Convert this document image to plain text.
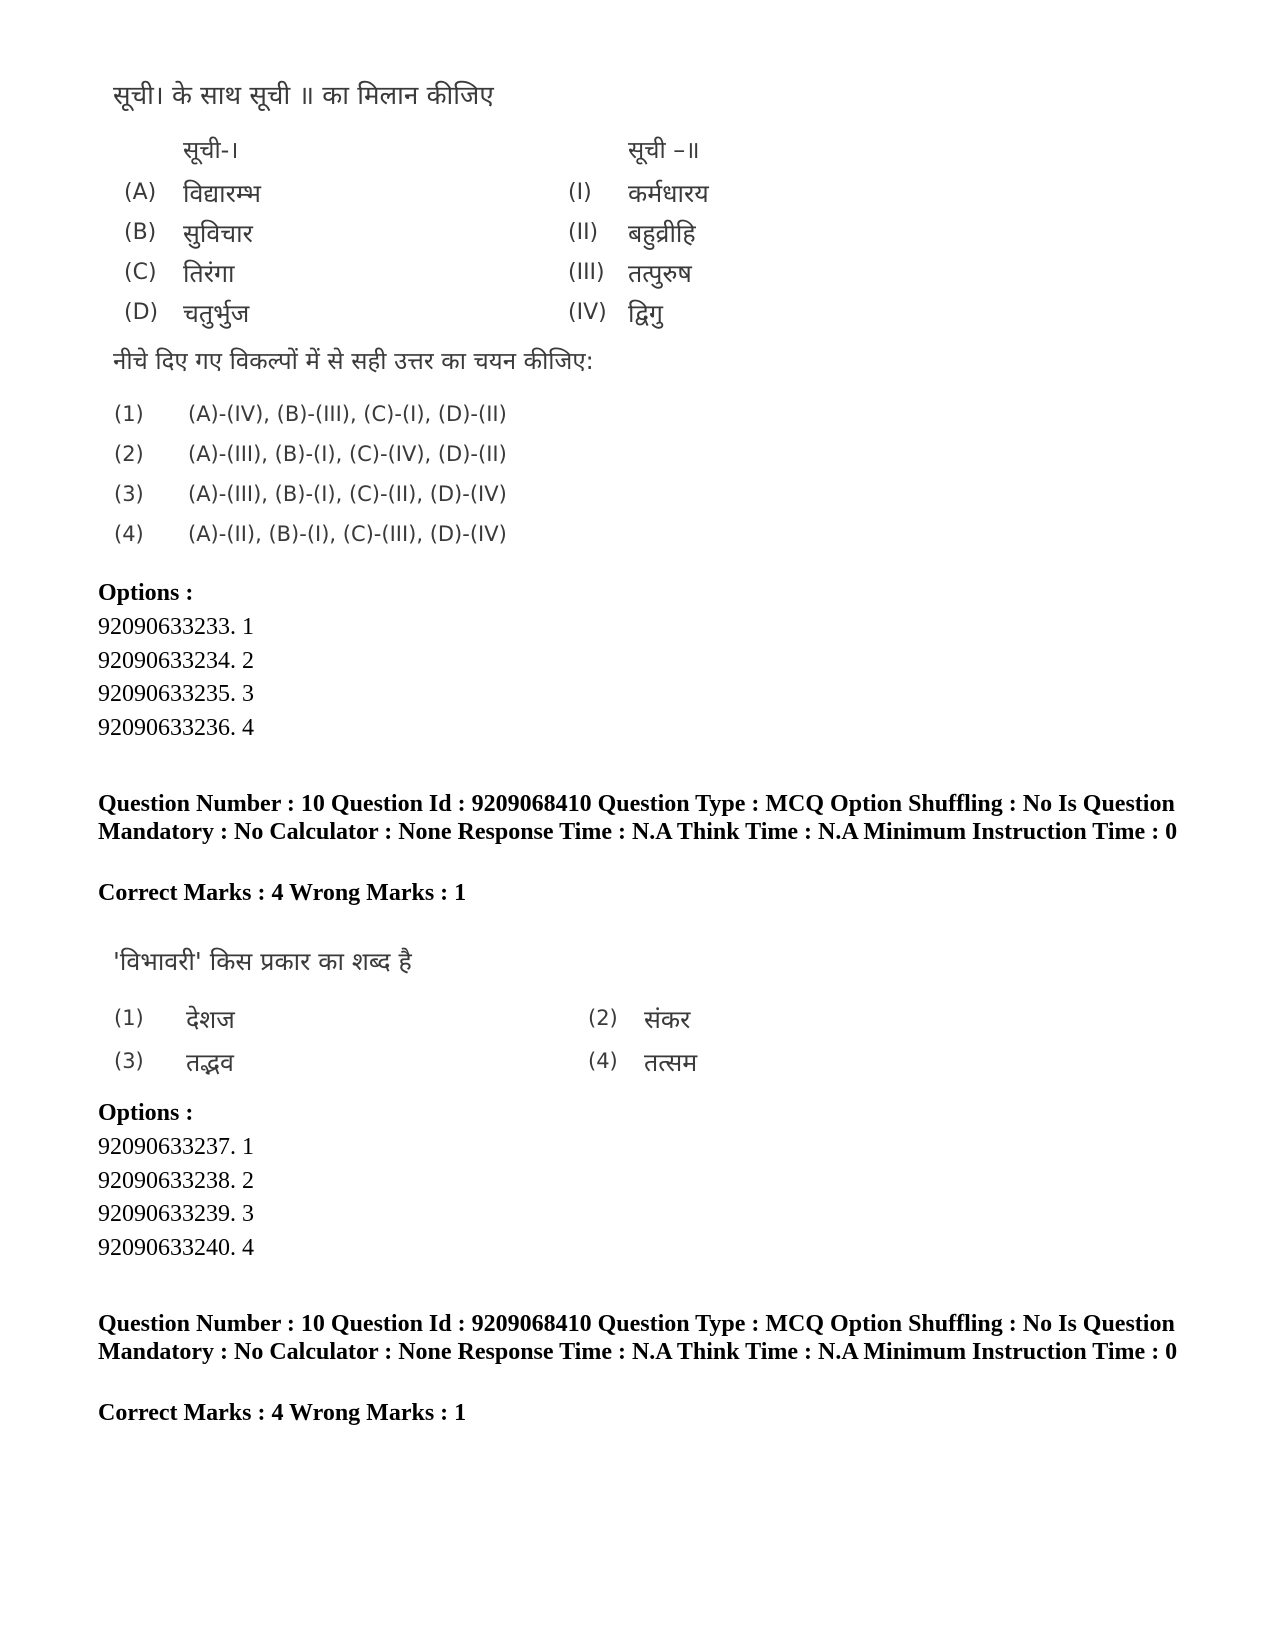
सूची। के साथ सूची ॥ का मिलान कीजिए
सूची-।	सूची –॥
(A) विद्यारम्भ	(I) कर्मधारय
(B) सुविचार	(II) बहुव्रीहि
(C) तिरंगा	(III) तत्पुरुष
(D) चतुर्भुज	(IV) द्विगु
नीचे दिए गए विकल्पों में से सही उत्तर का चयन कीजिए:
(1) (A)-(IV), (B)-(III), (C)-(I), (D)-(II)
(2) (A)-(III), (B)-(I), (C)-(IV), (D)-(II)
(3) (A)-(III), (B)-(I), (C)-(II), (D)-(IV)
(4) (A)-(II), (B)-(I), (C)-(III), (D)-(IV)
Options :
92090633233. 1
92090633234. 2
92090633235. 3
92090633236. 4
Question Number : 10 Question Id : 9209068410 Question Type : MCQ Option Shuffling : No Is Question Mandatory : No Calculator : None Response Time : N.A Think Time : N.A Minimum Instruction Time : 0
Correct Marks : 4 Wrong Marks : 1
'विभावरी' किस प्रकार का शब्द है
(1) देशज	(2) संकर
(3) तद्भव	(4) तत्सम
Options :
92090633237. 1
92090633238. 2
92090633239. 3
92090633240. 4
Question Number : 10 Question Id : 9209068410 Question Type : MCQ Option Shuffling : No Is Question Mandatory : No Calculator : None Response Time : N.A Think Time : N.A Minimum Instruction Time : 0
Correct Marks : 4 Wrong Marks : 1
